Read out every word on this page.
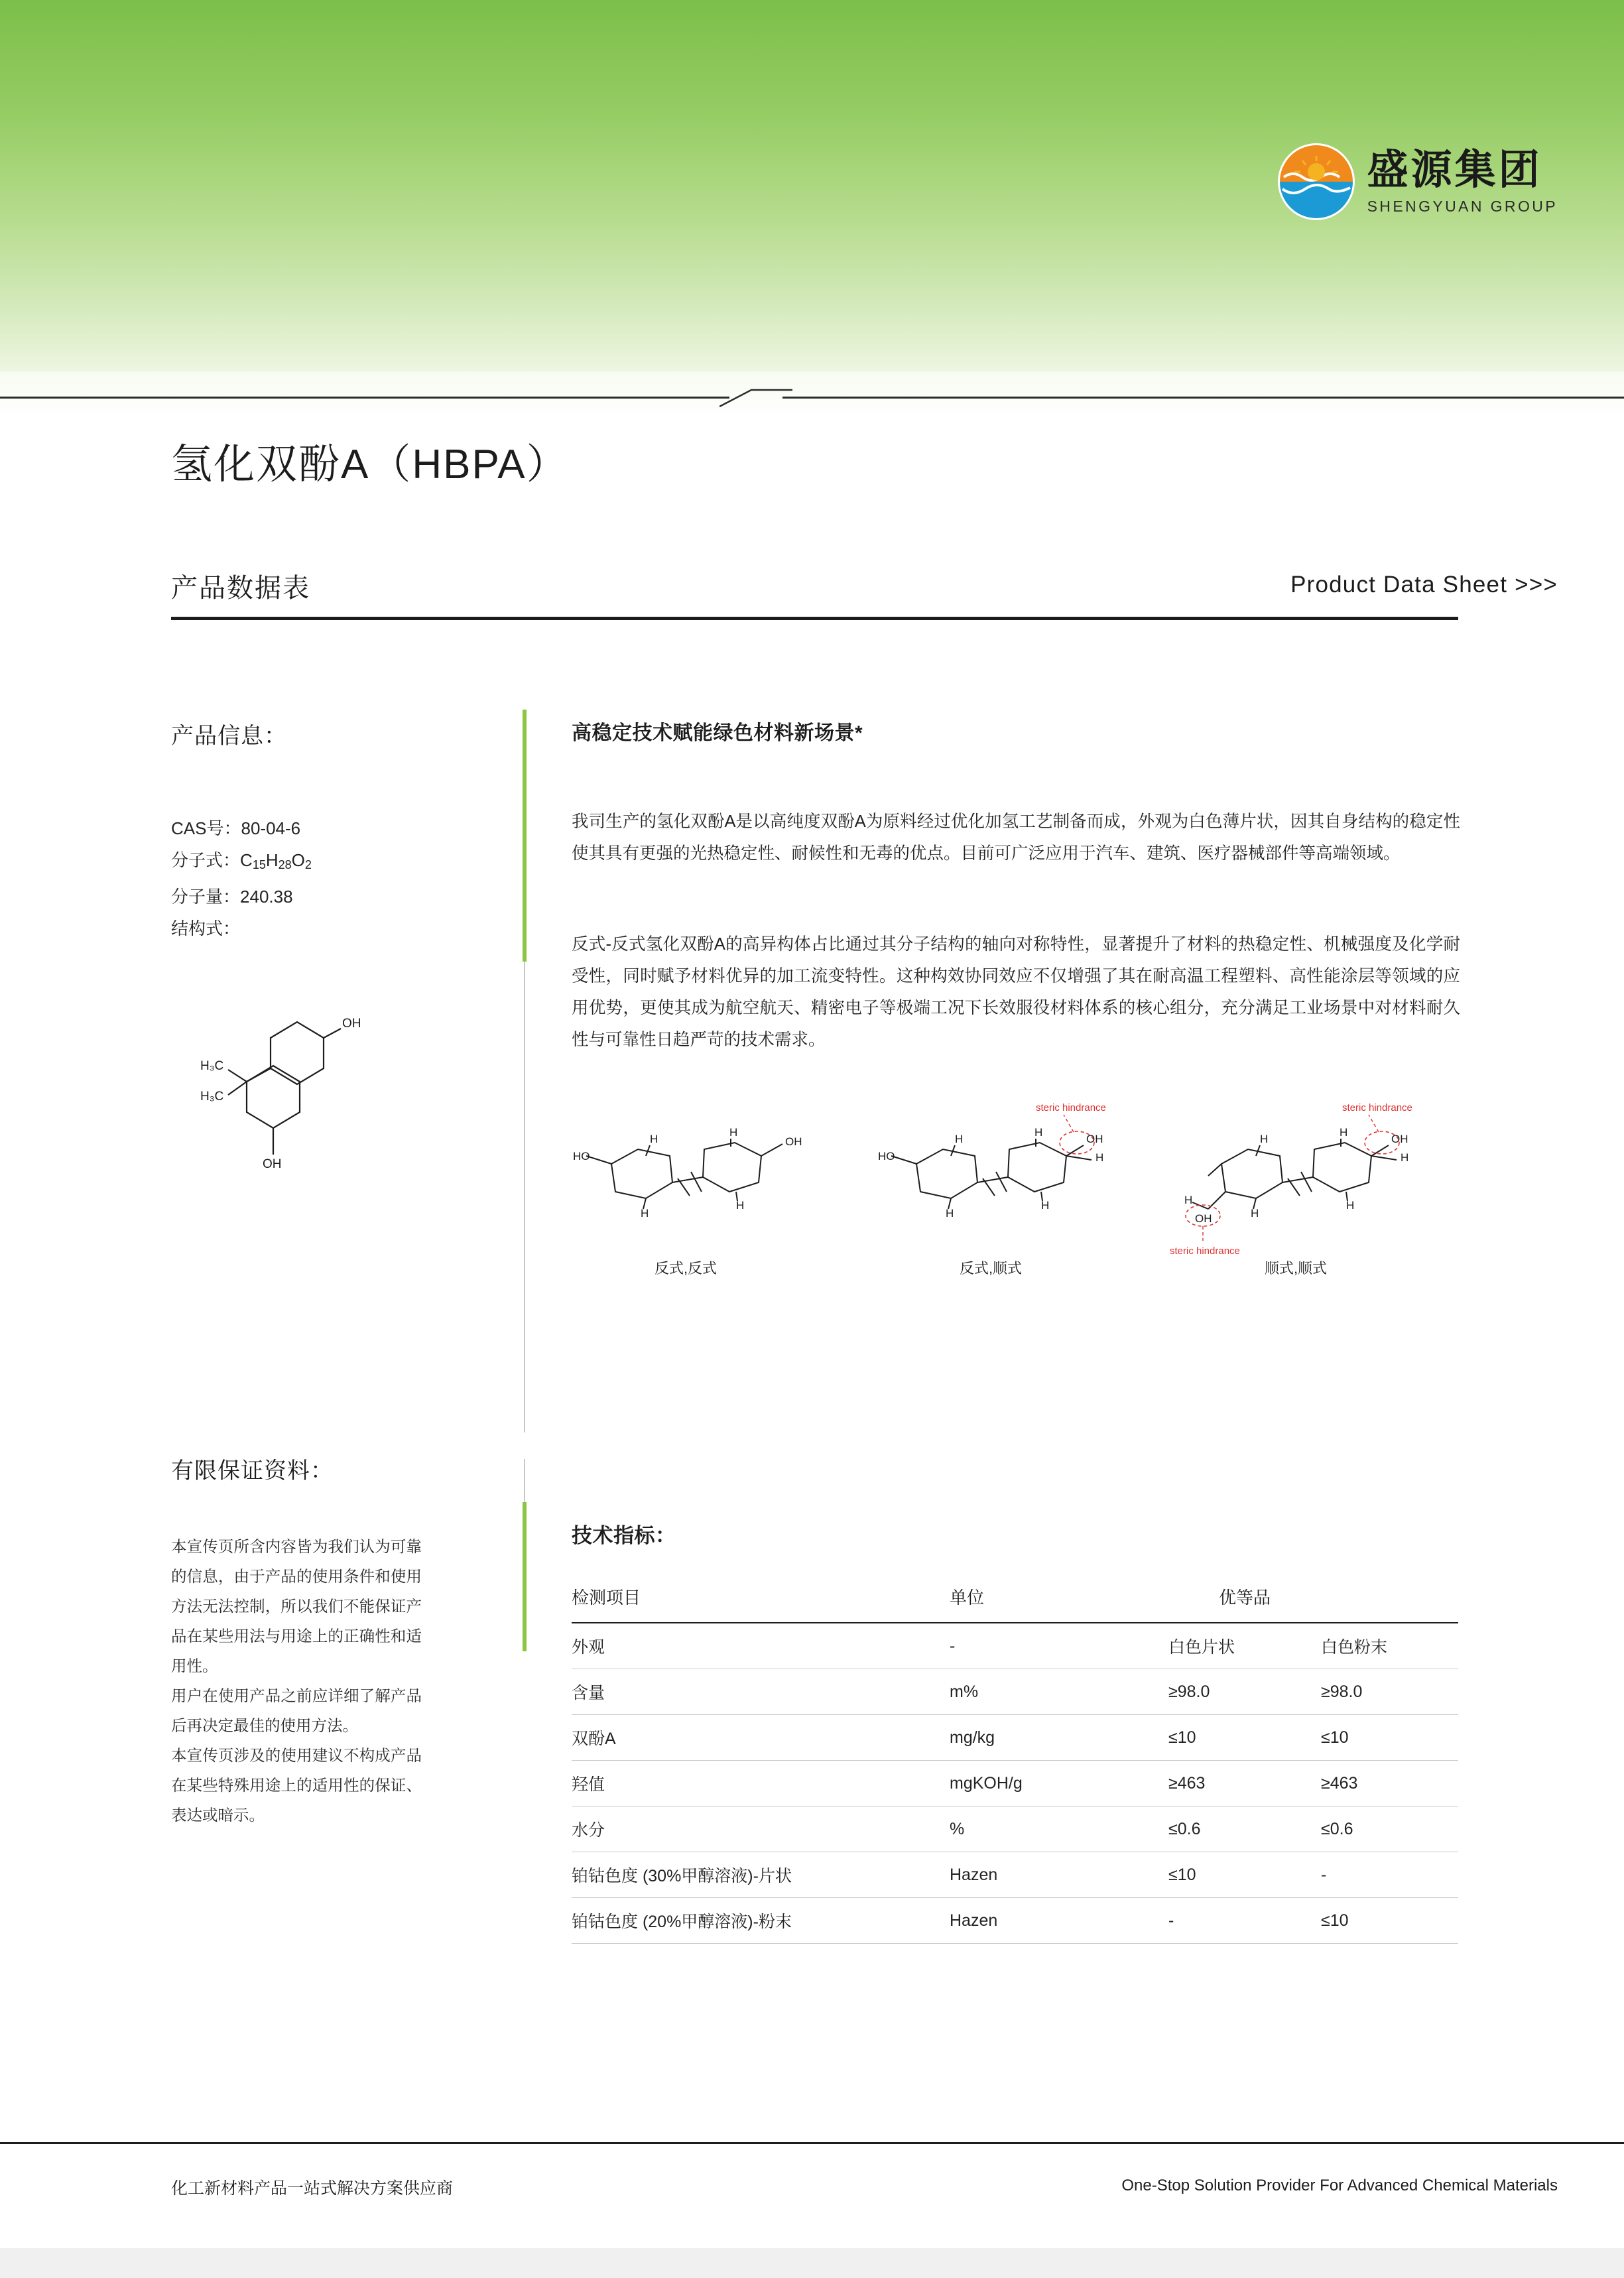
盛源集团
SHENGYUAN GROUP
氢化双酚A（HBPA）
产品数据表	Product Data Sheet >>>
产品信息：
CAS号：80-04-6
分子式：$C_{15}H_{28}O_2$
分子量：240.38
结构式：
OH
OH
H₃C
H₃C
有限保证资料：

本宣传页所含内容皆为我们认为可靠的信息，由于产品的使用条件和使用方法无法控制，所以我们不能保证产品在某些用法与用途上的正确性和适用性。

用户在使用产品之前应详细了解产品后再决定最佳的使用方法。

本宣传页涉及的使用建议不构成产品在某些特殊用途上的适用性的保证、表达或暗示。

高稳定技术赋能绿色材料新场景*
我司生产的氢化双酚A是以高纯度双酚A为原料经过优化加氢工艺制备而成，外观为白色薄片状，因其自身结构的稳定性使其具有更强的光热稳定性、耐候性和无毒的优点。目前可广泛应用于汽车、建筑、医疗器械部件等高端领域。
反式-反式氢化双酚A的高异构体占比通过其分子结构的轴向对称特性，显著提升了材料的热稳定性、机械强度及化学耐受性，同时赋予材料优异的加工流变特性。这种构效协同效应不仅增强了其在耐高温工程塑料、高性能涂层等领域的应用优势，更使其成为航空航天、精密电子等极端工况下长效服役材料体系的核心组分，充分满足工业场景中对材料耐久性与可靠性日趋严苛的技术需求。
HO
OH
H
H
H
H
反式,反式
HO
OH
H
H
H
H
H
steric hindrance
反式,顺式
H
H
H
H
OH
H
OH
H
steric hindrance
steric hindrance
顺式,顺式
技术指标：
检测项目	单位	优等品	
外观	-	白色片状	白色粉末
含量	m%	≥98.0	≥98.0
双酚A	mg/kg	≤10	≤10
羟值	mgKOH/g	≥463	≥463
水分	%	≤0.6	≤0.6
铂钴色度 (30%甲醇溶液)-片状	Hazen	≤10	-
铂钴色度 (20%甲醇溶液)-粉末	Hazen	-	≤10
化工新材料产品一站式解决方案供应商	One-Stop Solution Provider For Advanced Chemical Materials
